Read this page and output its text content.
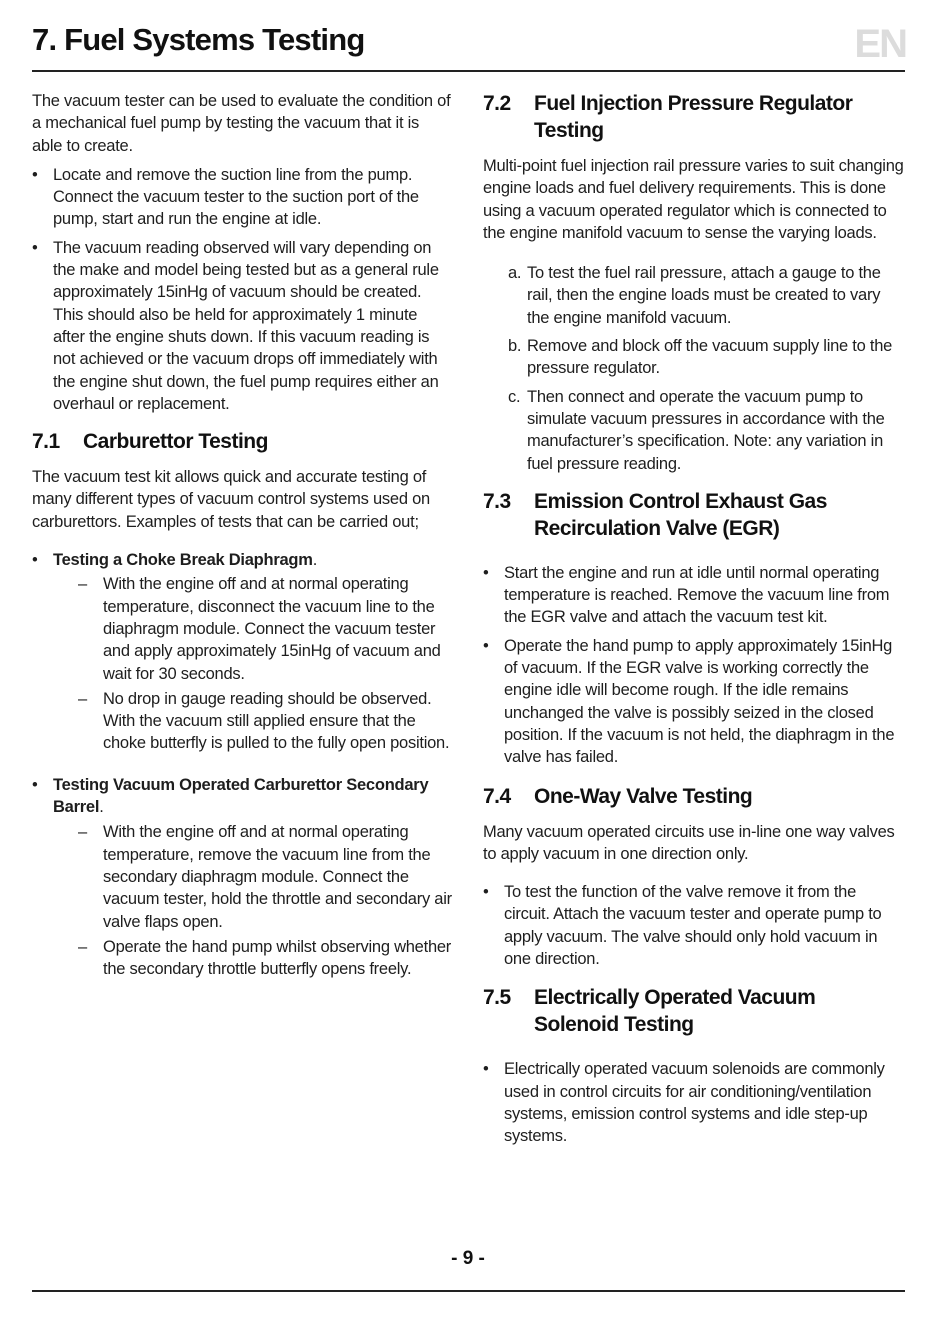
7. Fuel Systems Testing	EN

The vacuum tester can be used to evaluate the condition of a mechanical fuel pump by testing the vacuum that it is able to create.

• Locate and remove the suction line from the pump. Connect the vacuum tester to the suction port of the pump, start and run the engine at idle.
• The vacuum reading observed will vary depending on the make and model being tested but as a general rule approximately 15inHg of vacuum should be created. This should also be held for approximately 1 minute after the engine shuts down. If this vacuum reading is not achieved or the vacuum drops off immediately with the engine shut down, the fuel pump requires either an overhaul or replacement.
7.1	Carburettor Testing

The vacuum test kit allows quick and accurate testing of many different types of vacuum control systems used on carburettors. Examples of tests that can be carried out;

• Testing a Choke Break Diaphragm.
– With the engine off and at normal operating temperature, disconnect the vacuum line to the diaphragm module. Connect the vacuum tester and apply approximately 15inHg of vacuum and wait for 30 seconds.
– No drop in gauge reading should be observed. With the vacuum still applied ensure that the choke butterfly is pulled to the fully open position.
• Testing Vacuum Operated Carburettor Secondary Barrel.
– With the engine off and at normal operating temperature, remove the vacuum line from the secondary diaphragm module. Connect the vacuum tester, hold the throttle and secondary air valve flaps open.
– Operate the hand pump whilst observing whether the secondary throttle butterfly opens freely.
7.2	Fuel Injection Pressure Regulator Testing

Multi-point fuel injection rail pressure varies to suit changing engine loads and fuel delivery requirements. This is done using a vacuum operated regulator which is connected to the engine manifold vacuum to sense the varying loads.

a. To test the fuel rail pressure, attach a gauge to the rail, then the engine loads must be created to vary the engine manifold vacuum.
b. Remove and block off the vacuum supply line to the pressure regulator.
c. Then connect and operate the vacuum pump to simulate vacuum pressures in accordance with the manufacturer’s specification. Note: any variation in fuel pressure reading.
7.3	Emission Control Exhaust Gas Recirculation Valve (EGR)
• Start the engine and run at idle until normal operating temperature is reached. Remove the vacuum line from the EGR valve and attach the vacuum test kit.
• Operate the hand pump to apply approximately 15inHg of vacuum. If the EGR valve is working correctly the engine idle will become rough. If the idle remains unchanged the valve is possibly seized in the closed position. If the vacuum is not held, the diaphragm in the valve has failed.
7.4	One-Way Valve Testing

Many vacuum operated circuits use in-line one way valves to apply vacuum in one direction only.

• To test the function of the valve remove it from the circuit. Attach the vacuum tester and operate pump to apply vacuum. The valve should only hold vacuum in one direction.
7.5	Electrically Operated Vacuum Solenoid Testing
• Electrically operated vacuum solenoids are commonly used in control circuits for air conditioning/ventilation systems, emission control systems and idle step-up systems.
- 9 -
